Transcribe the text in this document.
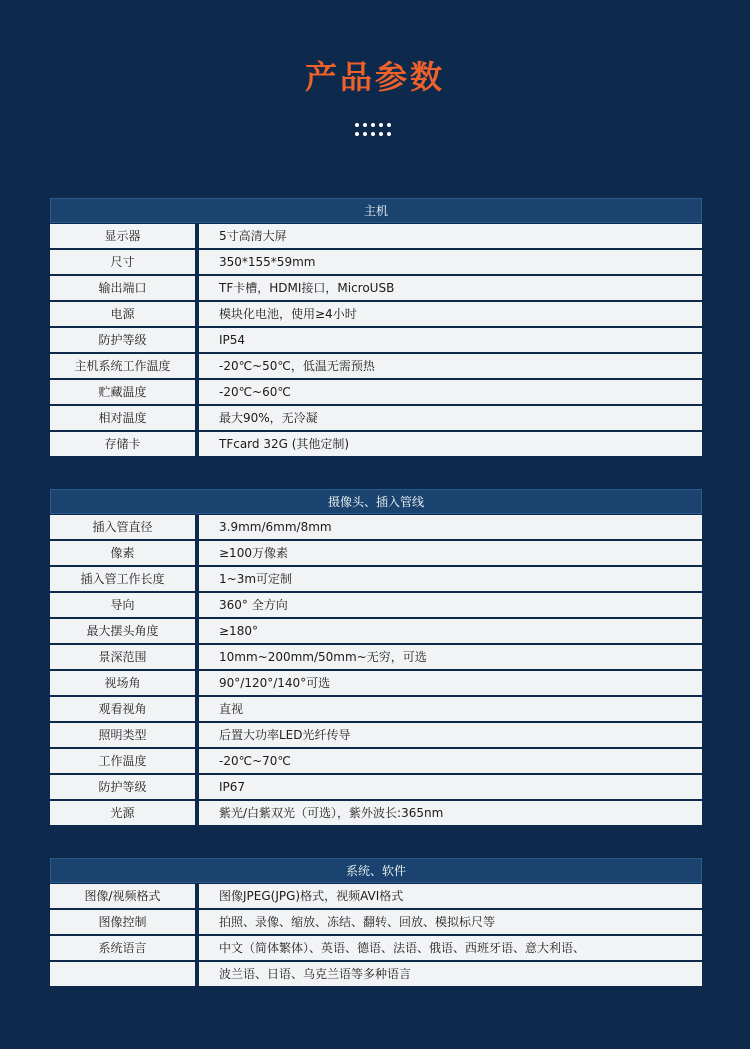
产品参数
主机
显示器	5寸高清大屏
尺寸	350*155*59mm
输出端口	TF卡槽，HDMI接口，MicroUSB
电源	模块化电池，使用≥4小时
防护等级	IP54
主机系统工作温度	-20℃~50℃，低温无需预热
贮藏温度	-20℃~60℃
相对温度	最大90%，无冷凝
存储卡	TFcard 32G (其他定制)
摄像头、插入管线
插入管直径	3.9mm/6mm/8mm
像素	≥100万像素
插入管工作长度	1~3m可定制
导向	360° 全方向
最大摆头角度	≥180°
景深范围	10mm~200mm/50mm~无穷，可选
视场角	90°/120°/140°可选
观看视角	直视
照明类型	后置大功率LED光纤传导
工作温度	-20℃~70℃
防护等级	IP67
光源	紫光/白紫双光（可选），紫外波长:365nm
系统、软件
图像/视频格式	图像JPEG(JPG)格式，视频AVI格式
图像控制	拍照、录像、缩放、冻结、翻转、回放、模拟标尺等
系统语言	中文（简体繁体）、英语、德语、法语、俄语、西班牙语、意大利语、
波兰语、日语、乌克兰语等多种语言
